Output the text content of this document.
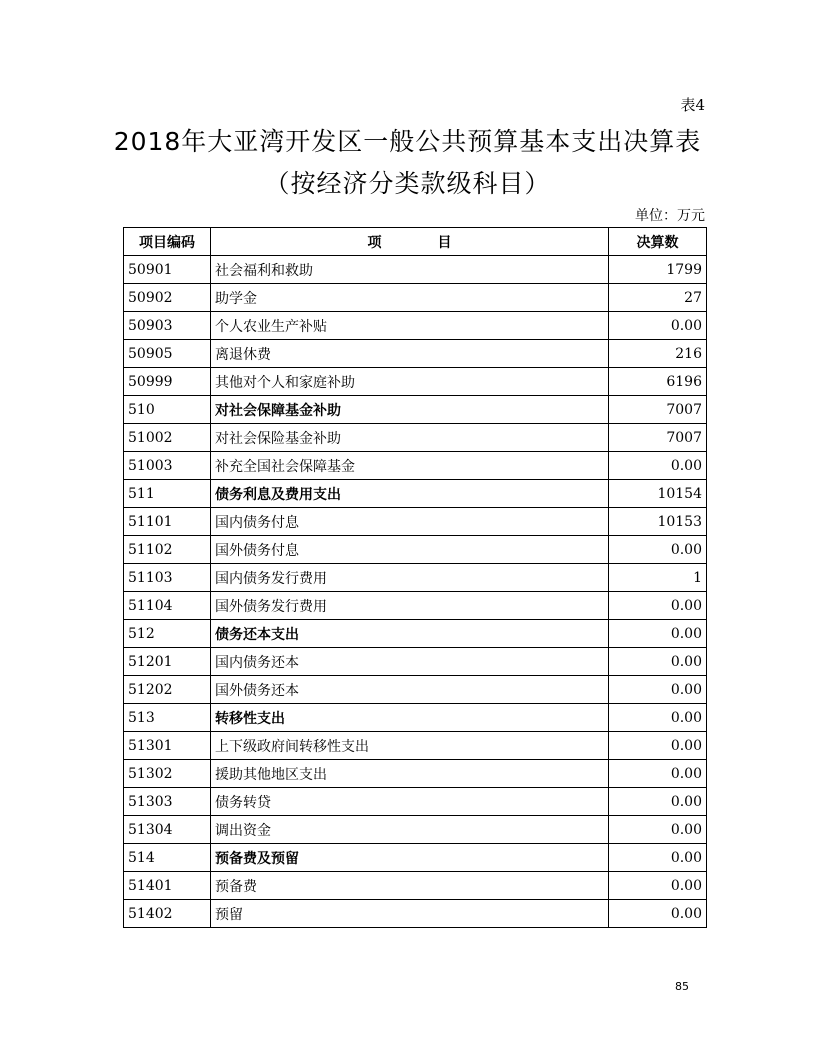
表4
2018年大亚湾开发区一般公共预算基本支出决算表
（按经济分类款级科目）
单位：万元
项目编码	项　　　　目	决算数
50901	社会福利和救助	1799
50902	助学金	27
50903	个人农业生产补贴	0.00
50905	离退休费	216
50999	其他对个人和家庭补助	6196
510	对社会保障基金补助	7007
51002	对社会保险基金补助	7007
51003	补充全国社会保障基金	0.00
511	债务利息及费用支出	10154
51101	国内债务付息	10153
51102	国外债务付息	0.00
51103	国内债务发行费用	1
51104	国外债务发行费用	0.00
512	债务还本支出	0.00
51201	国内债务还本	0.00
51202	国外债务还本	0.00
513	转移性支出	0.00
51301	上下级政府间转移性支出	0.00
51302	援助其他地区支出	0.00
51303	债务转贷	0.00
51304	调出资金	0.00
514	预备费及预留	0.00
51401	预备费	0.00
51402	预留	0.00
85
